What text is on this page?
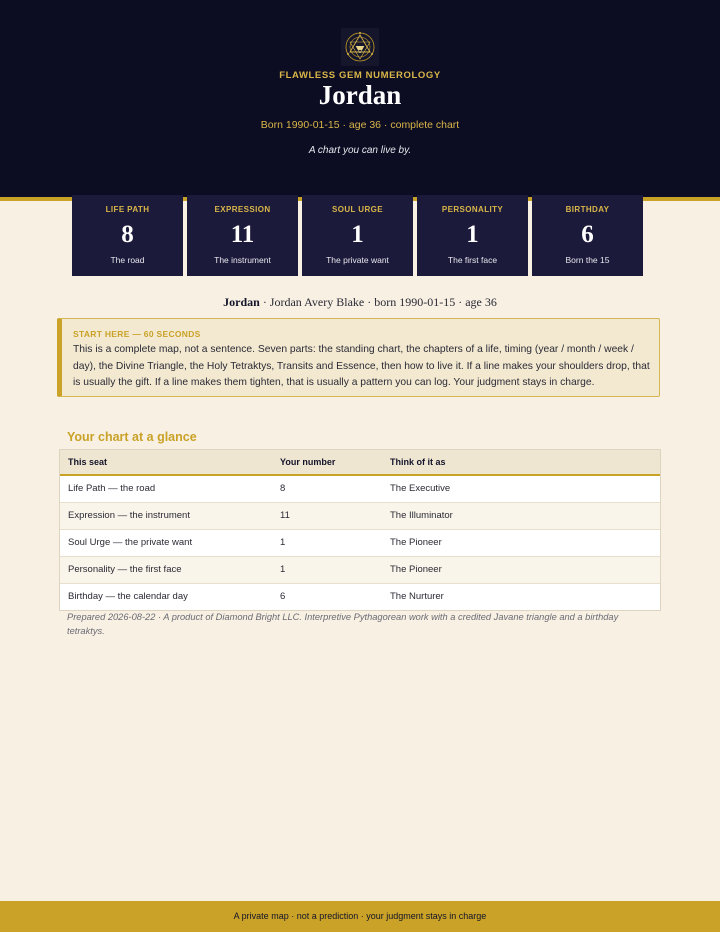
FLAWLESS GEM NUMEROLOGY
Jordan
Born 1990-01-15 · age 36 · complete chart
A chart you can live by.
LIFE PATH
8
The road
EXPRESSION
11
The instrument
SOUL URGE
1
The private want
PERSONALITY
1
The first face
BIRTHDAY
6
Born the 15
Jordan · Jordan Avery Blake · born 1990-01-15 · age 36
START HERE — 60 SECONDS
This is a complete map, not a sentence. Seven parts: the standing chart, the chapters of a life, timing (year / month / week / day), the Divine Triangle, the Holy Tetraktys, Transits and Essence, then how to live it. If a line makes your shoulders drop, that is usually the gift. If a line makes them tighten, that is usually a pattern you can log. Your judgment stays in charge.
Your chart at a glance
This seat	Your number	Think of it as
Life Path — the road	8	The Executive
Expression — the instrument	11	The Illuminator
Soul Urge — the private want	1	The Pioneer
Personality — the first face	1	The Pioneer
Birthday — the calendar day	6	The Nurturer
Prepared 2026-08-22 · A product of Diamond Bright LLC. Interpretive Pythagorean work with a credited Javane triangle and a birthday tetraktys.
A private map · not a prediction · your judgment stays in charge
